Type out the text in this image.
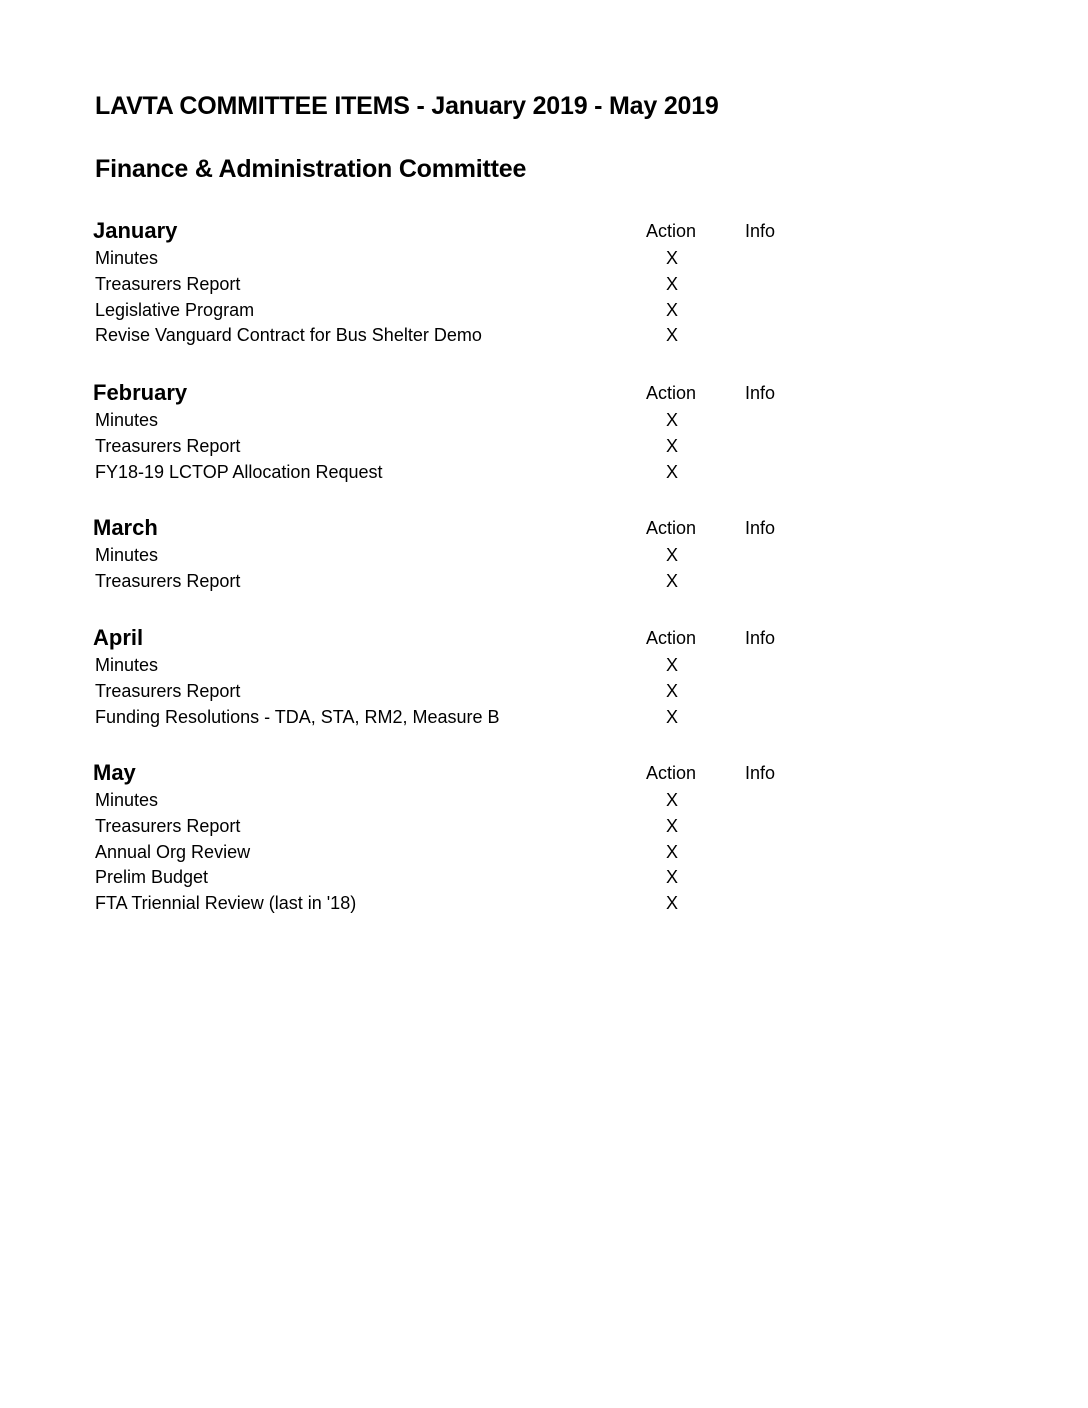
LAVTA COMMITTEE ITEMS - January 2019 - May 2019
Finance & Administration Committee
January	Action	Info
Minutes	X
Treasurers Report	X
Legislative Program	X
Revise Vanguard Contract for Bus Shelter Demo	X
February	Action	Info
Minutes	X
Treasurers Report	X
FY18-19 LCTOP Allocation Request	X
March	Action	Info
Minutes	X
Treasurers Report	X
April	Action	Info
Minutes	X
Treasurers Report	X
Funding Resolutions - TDA, STA, RM2, Measure B	X
May	Action	Info
Minutes	X
Treasurers Report	X
Annual Org Review	X
Prelim Budget	X
FTA Triennial Review (last in '18)	X
